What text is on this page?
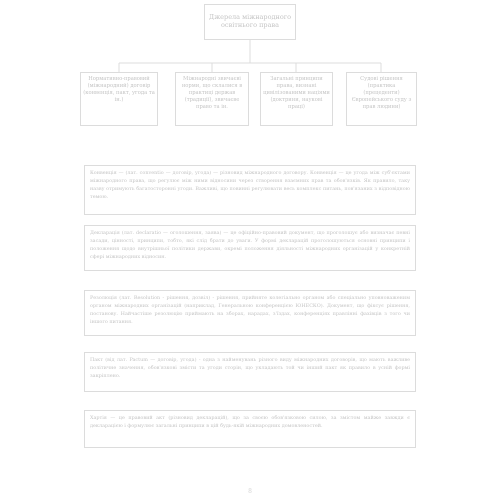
Джерела міжнародного освітнього права
Нормативно-правовий (міжнародний) договір (конвенція, пакт, угода та ін.)
Міжнародні звичаєві норми, що склалися в практиці держав (традиції), звичаєве право та ін.
Загальні принципи права, визнані цивілізованими націями (доктрини, наукові праці)
Судові рішення (практика (прецеденти) Європейського суду з прав людини)
Конвенція — (лат. conventio — договір, угода) — різновид міжнародного договору. Конвенція — це угода між суб'єктами міжнародного права, що регулює між ними відносини через створення взаємних прав та обов'язків. Як правило, таку назву отримують багатосторонні угоди. Важливі, що повинні регулювати весь комплекс питань, пов'язаних з відповідною темою.
Декларація (лат. declaratio — оголошення, заява) — це офіційно-правовий документ, що проголошує або визначає певні засади, цінності, принципи, тобто, які слід брати до уваги. У формі декларацій проголошуються основні принципи і положення щодо внутрішньої політики держави, окремі положення діяльності міжнародних організацій у конкретній сфері міжнародних відносин.
Резолюція (лат. Resolution - рішення, дозвіл) - рішення, прийняте колегіально органом або спеціально уповноваженим органом міжнародних організацій (наприклад, Генеральною конференцією ЮНЕСКО). Документ, що фіксує рішення, постанову. Найчастіше резолюцію приймають на зборах, нарадах, з'їздах, конференціях правлінні фахівців з того чи іншого питання.
Пакт (від лат. Pactum — договір, угода) - одна з найменувань різного виду міжнародних договорів, що мають важливе політичне значення, обов'язкові змісти та угоди сторін, що укладають той чи інший пакт як правило в усній формі закріплено.
Хартія — це правовий акт (різновид декларацій), що за своєю обов'язковою силою, за змістом майже завжди є декларацією і формулює загальні принципи в цій будь-якій міжнародних домовленостей.
8
